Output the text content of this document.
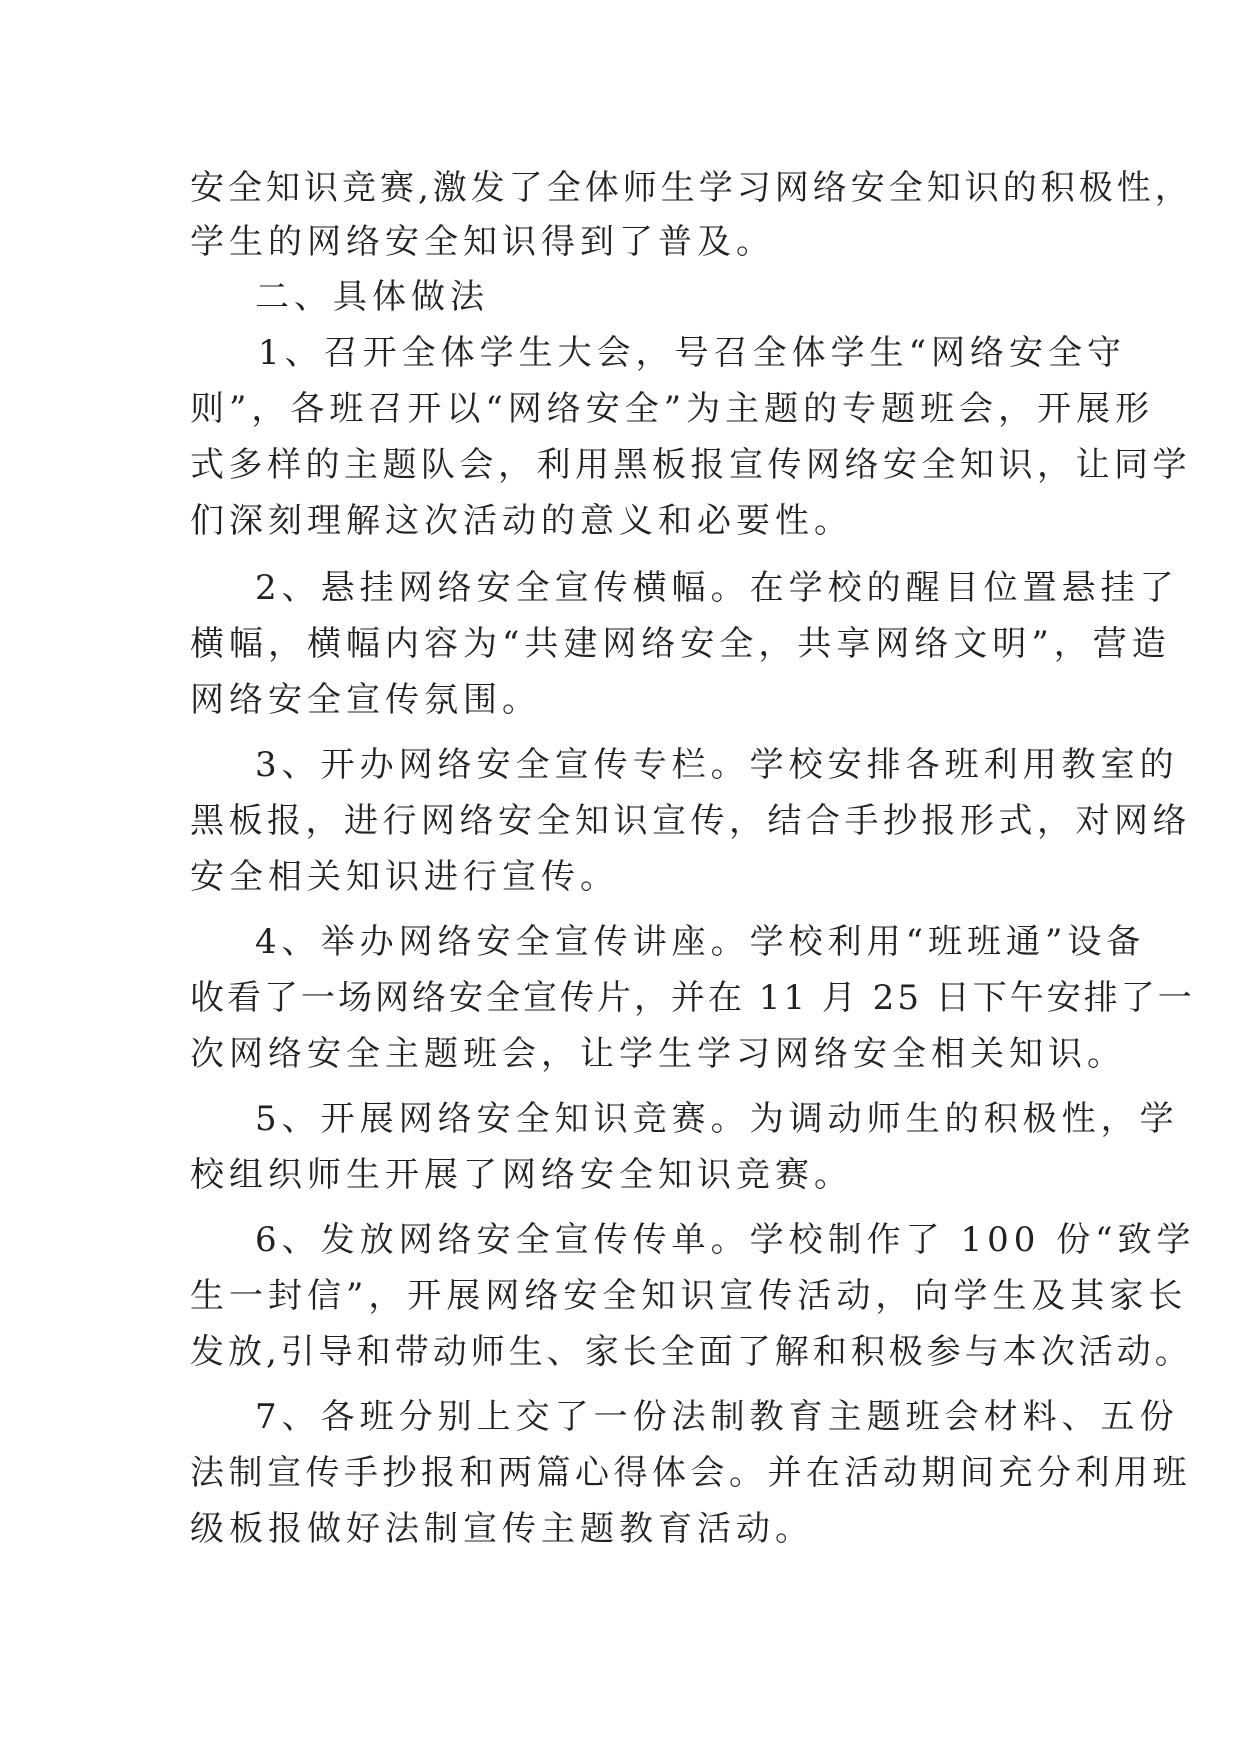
安全知识竞赛,激发了全体师生学习网络安全知识的积极性，
学生的网络安全知识得到了普及。
二、具体做法
1、召开全体学生大会，号召全体学生“网络安全守
则”，各班召开以“网络安全”为主题的专题班会，开展形
式多样的主题队会，利用黑板报宣传网络安全知识，让同学
们深刻理解这次活动的意义和必要性。
2、悬挂网络安全宣传横幅。在学校的醒目位置悬挂了
横幅，横幅内容为“共建网络安全，共享网络文明”，营造
网络安全宣传氛围。
3、开办网络安全宣传专栏。学校安排各班利用教室的
黑板报，进行网络安全知识宣传，结合手抄报形式，对网络
安全相关知识进行宣传。
4、举办网络安全宣传讲座。学校利用“班班通”设备
收看了一场网络安全宣传片，并在 11 月 25 日下午安排了一
次网络安全主题班会，让学生学习网络安全相关知识。
5、开展网络安全知识竞赛。为调动师生的积极性，学
校组织师生开展了网络安全知识竞赛。
6、发放网络安全宣传传单。学校制作了 100 份“致学
生一封信”，开展网络安全知识宣传活动，向学生及其家长
发放,引导和带动师生、家长全面了解和积极参与本次活动。
7、各班分别上交了一份法制教育主题班会材料、五份
法制宣传手抄报和两篇心得体会。并在活动期间充分利用班
级板报做好法制宣传主题教育活动。
